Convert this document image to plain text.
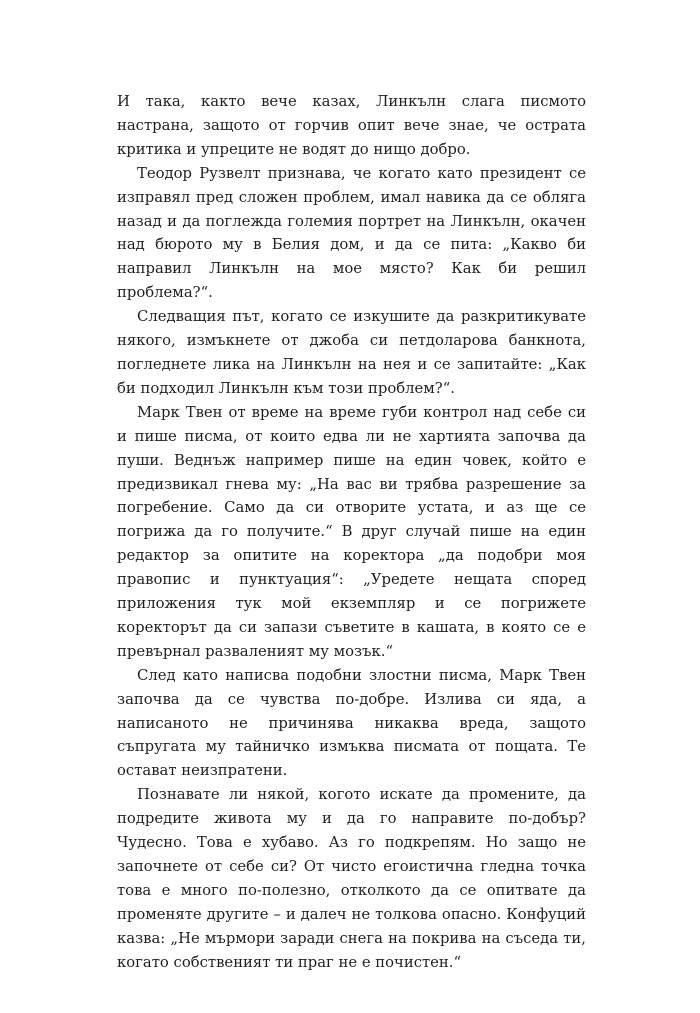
И така, както вече казах, Линкълн слага писмото настрана, защото от горчив опит вече знае, че острата критика и упреците не водят до нищо добро.

Теодор Рузвелт признава, че когато като президент се изправял пред сложен проблем, имал навика да се обляга назад и да поглежда големия портрет на Линкълн, окачен над бюрото му в Белия дом, и да се пита: „Какво би направил Линкълн на мое място? Как би решил проблема?“.

Следващия път, когато се изкушите да разкритикувате някого, измъкнете от джоба си петдоларова банкнота, погледнете лика на Линкълн на нея и се запитайте: „Как би подходил Линкълн към този проблем?“.

Марк Твен от време на време губи контрол над себе си и пише писма, от които едва ли не хартията започва да пуши. Веднъж например пише на един човек, който е предизвикал гнева му: „На вас ви трябва разрешение за погребение. Само да си отворите устата, и аз ще се погрижа да го получите.“ В друг случай пише на един редактор за опитите на коректора „да подобри моя правопис и пунктуация“: „Уредете нещата според приложения тук мой екземпляр и се погрижете коректорът да си запази съветите в кашата, в която се е превърнал разваленият му мозък.“

След като написва подобни злостни писма, Марк Твен започва да се чувства по-добре. Излива си яда, а написаното не причинява никаква вреда, защото съпругата му тайничко измъква писмата от пощата. Те остават неизпратени.

Познавате ли някой, когото искате да промените, да подредите живота му и да го направите по-добър? Чудесно. Това е хубаво. Аз го подкрепям. Но защо не започнете от себе си? От чисто егоистична гледна точка това е много по-полезно, отколкото да се опитвате да променяте другите – и далеч не толкова опасно. Конфуций казва: „Не мърмори заради снега на покрива на съседа ти, когато собственият ти праг не е почистен.“
